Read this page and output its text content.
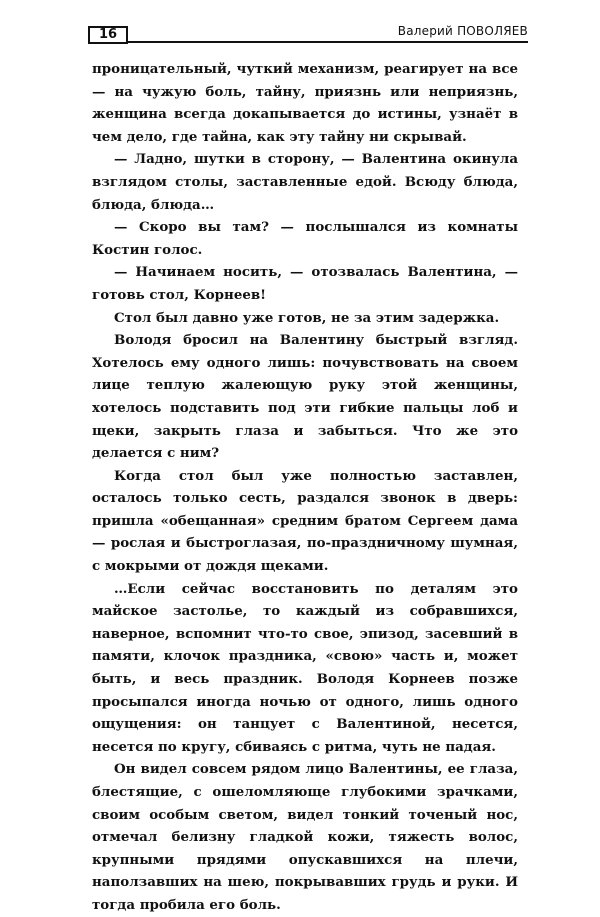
16	Валерий ПОВОЛЯЕВ

проницательный, чуткий механизм, реагирует на все — на чужую боль, тайну, приязнь или неприязнь, женщина всегда докапывается до истины, узнаёт в чем дело, где тайна, как эту тайну ни скрывай.

— Ладно, шутки в сторону, — Валентина окинула взглядом столы, заставленные едой. Всюду блюда, блюда, блюда…

— Скоро вы там? — послышался из комнаты Костин голос.

— Начинаем носить, — отозвалась Валентина, — готовь стол, Корнеев!

Стол был давно уже готов, не за этим задержка.

Володя бросил на Валентину быстрый взгляд. Хотелось ему одного лишь: почувствовать на своем лице теплую жалеющую руку этой женщины, хотелось подставить под эти гибкие пальцы лоб и щеки, закрыть глаза и забыться. Что же это делается с ним?

Когда стол был уже полностью заставлен, осталось только сесть, раздался звонок в дверь: пришла «обещанная» средним братом Сергеем дама — рослая и быстроглазая, по-праздничному шумная, с мокрыми от дождя щеками.

…Если сейчас восстановить по деталям это майское застолье, то каждый из собравшихся, наверное, вспомнит что-то свое, эпизод, засевший в памяти, клочок праздника, «свою» часть и, может быть, и весь праздник. Володя Корнеев позже просыпался иногда ночью от одного, лишь одного ощущения: он танцует с Валентиной, несется, несется по кругу, сбиваясь с ритма, чуть не падая.

Он видел совсем рядом лицо Валентины, ее глаза, блестящие, с ошеломляюще глубокими зрачками, своим особым светом, видел тонкий точеный нос, отмечал белизну гладкой кожи, тяжесть волос, крупными прядями опускавшихся на плечи, наползавших на шею, покрывавших грудь и руки. И тогда пробила его боль.
